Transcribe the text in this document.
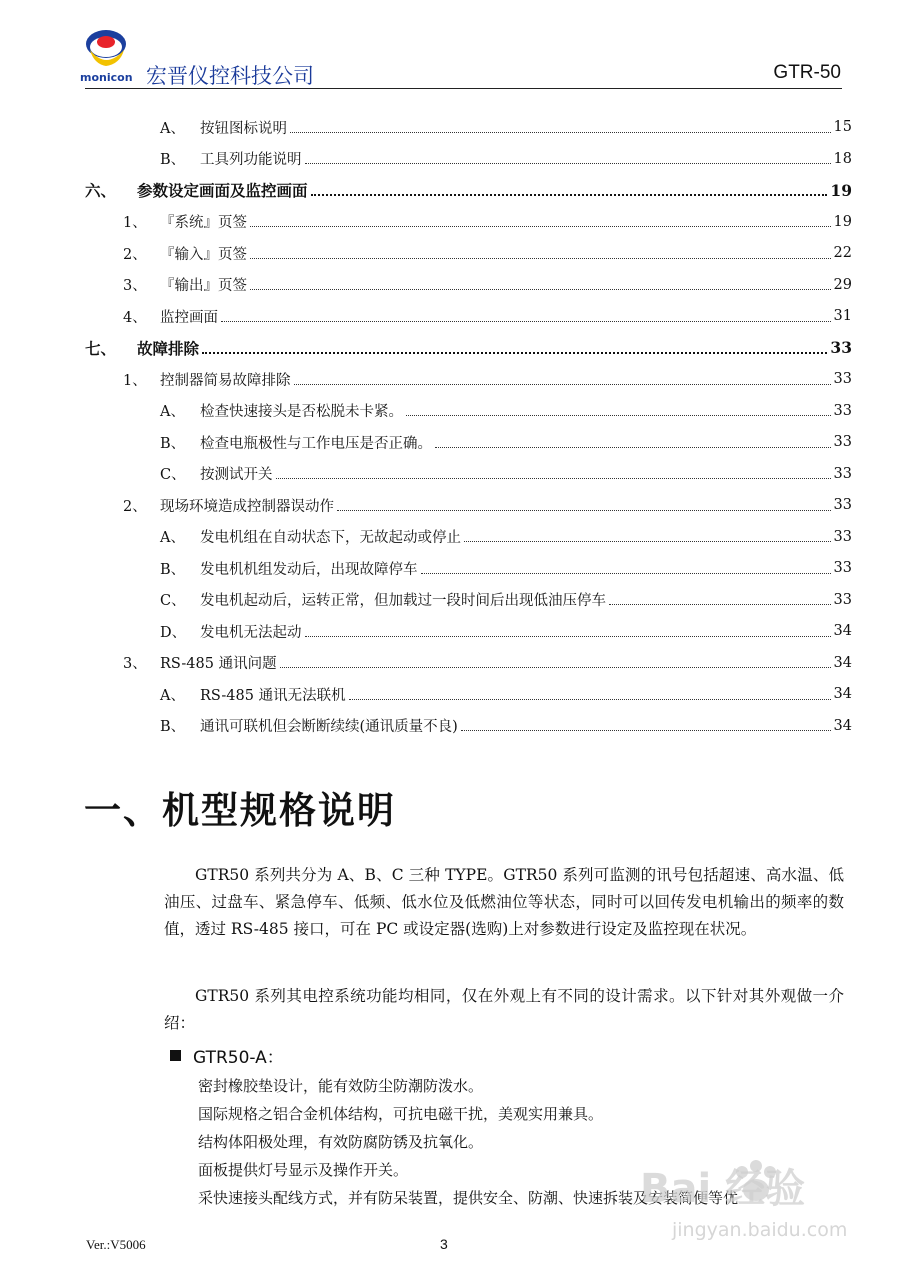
monicon 宏晋仪控科技公司	GTR-50
A、	按钮图标说明	15
B、	工具列功能说明	18
六、	参数设定画面及监控画面	19
1、 『系统』页签	19
2、 『输入』页签	22
3、 『输出』页签	29
4、 监控画面	31
七、	故障排除	33
1、 控制器简易故障排除	33
A、	检查快速接头是否松脱未卡紧。	33
B、	检查电瓶极性与工作电压是否正确。	33
C、 按测试开关	33
2、 现场环境造成控制器误动作	33
A、	发电机组在自动状态下，无故起动或停止	33
B、	发电机机组发动后，出现故障停车	33
C、 发电机起动后，运转正常，但加载过一段时间后出现低油压停车	33
D、 发电机无法起动	34
3、 RS-485 通讯问题	34
A、	RS-485 通讯无法联机	34
B、	通讯可联机但会断断续续(通讯质量不良)	34
一、机型规格说明
GTR50 系列共分为 A、B、C 三种 TYPE。GTR50 系列可监测的讯号包括超速、高水温、低油压、过盘车、紧急停车、低频、低水位及低燃油位等状态，同时可以回传发电机输出的频率的数值，透过 RS-485 接口，可在 PC 或设定器(选购)上对参数进行设定及监控现在状况。
GTR50 系列其电控系统功能均相同，仅在外观上有不同的设计需求。以下针对其外观做一介绍：
GTR50-A：
密封橡胶垫设计，能有效防尘防潮防泼水。
国际规格之铝合金机体结构，可抗电磁干扰，美观实用兼具。
结构体阳极处理，有效防腐防锈及抗氧化。
面板提供灯号显示及操作开关。
采快速接头配线方式，并有防呆装置，提供安全、防潮、快速拆装及安装简便等优
Bai 经验
jingyan.baidu.com
Ver.:V5006	3
